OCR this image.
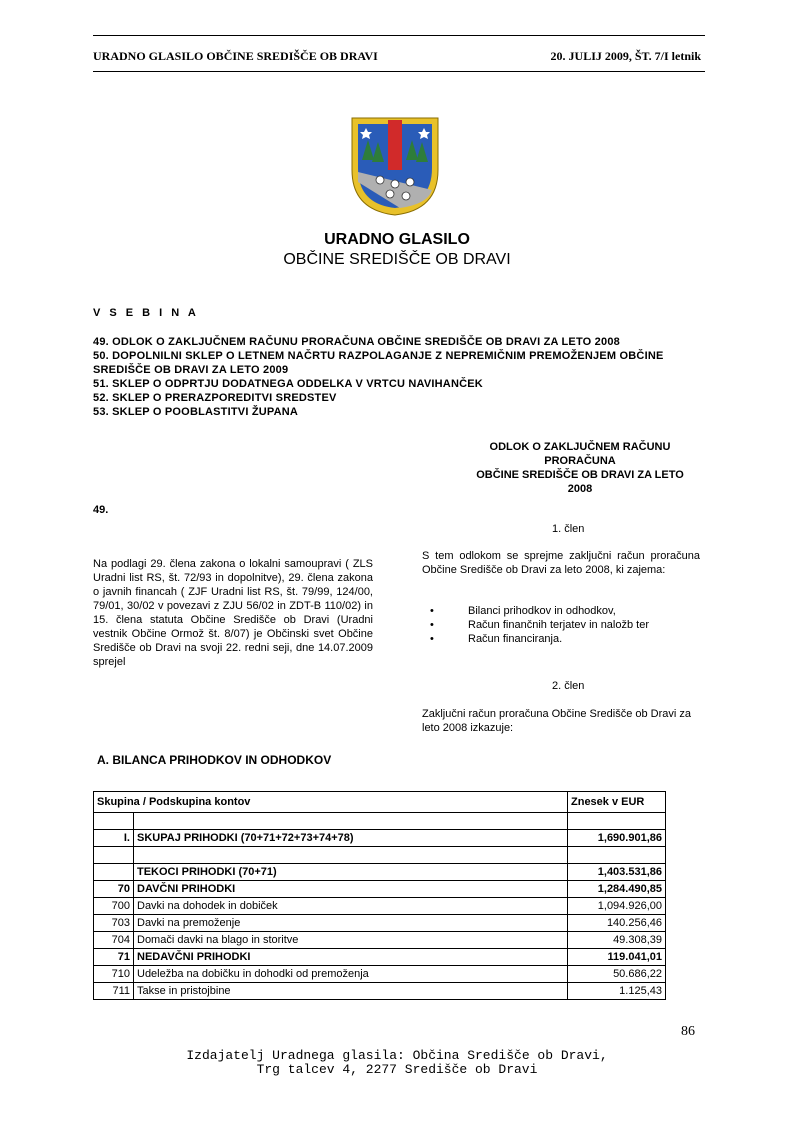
URADNO GLASILO OBČINE SREDIŠČE OB DRAVI	20. JULIJ 2009, ŠT. 7/I letnik
URADNO GLASILO
OBČINE SREDIŠČE OB DRAVI
V S E B I N A
49. ODLOK O ZAKLJUČNEM RAČUNU PRORAČUNA OBČINE SREDIŠČE OB DRAVI ZA LETO 2008
50. DOPOLNILNI SKLEP O LETNEM NAČRTU RAZPOLAGANJE Z NEPREMIČNIM PREMOŽENJEM OBČINE
SREDIŠČE OB DRAVI ZA LETO 2009
51. SKLEP O ODPRTJU DODATNEGA ODDELKA V VRTCU NAVIHANČEK
52. SKLEP O PRERAZPOREDITVI SREDSTEV
53. SKLEP O POOBLASTITVI ŽUPANA
ODLOK O ZAKLJUČNEM RAČUNU
PRORAČUNA
OBČINE SREDIŠČE OB DRAVI ZA LETO
2008
49.
1. člen
Na podlagi 29. člena zakona o lokalni samoupravi ( ZLS Uradni list RS, št. 72/93 in dopolnitve), 29. člena zakona o javnih financah ( ZJF Uradni list RS, št. 79/99, 124/00, 79/01, 30/02 v povezavi z ZJU 56/02 in ZDT-B 110/02) in 15. člena statuta Občine Središče ob Dravi (Uradni vestnik Občine Ormož št. 8/07) je Občinski svet Občine Središče ob Dravi na svoji 22. redni seji, dne 14.07.2009 sprejel
S tem odlokom se sprejme zaključni račun proračuna Občine Središče ob Dravi za leto 2008, ki zajema:
• Bilanci prihodkov in odhodkov,
• Račun finančnih terjatev in naložb ter
• Račun financiranja.
2. člen
Zaključni račun proračuna Občine Središče ob Dravi za leto 2008 izkazuje:
A. BILANCA PRIHODKOV IN ODHODKOV
Skupina / Podskupina kontov		Znesek v EUR

I.	SKUPAJ PRIHODKI (70+71+72+73+74+78)	1,690.901,86

	TEKOCI PRIHODKI (70+71)	1,403.531,86
70	DAVČNI PRIHODKI	1,284.490,85
700	Davki na dohodek in dobiček	1,094.926,00
703	Davki na premoženje	140.256,46
704	Domači davki na blago in storitve	49.308,39
71	NEDAVČNI PRIHODKI	119.041,01
710	Udeležba na dobičku in dohodki od premoženja	50.686,22
711	Takse in pristojbine	1.125,43
86
Izdajatelj Uradnega glasila: Občina Središče ob Dravi,
Trg talcev 4, 2277 Središče ob Dravi
